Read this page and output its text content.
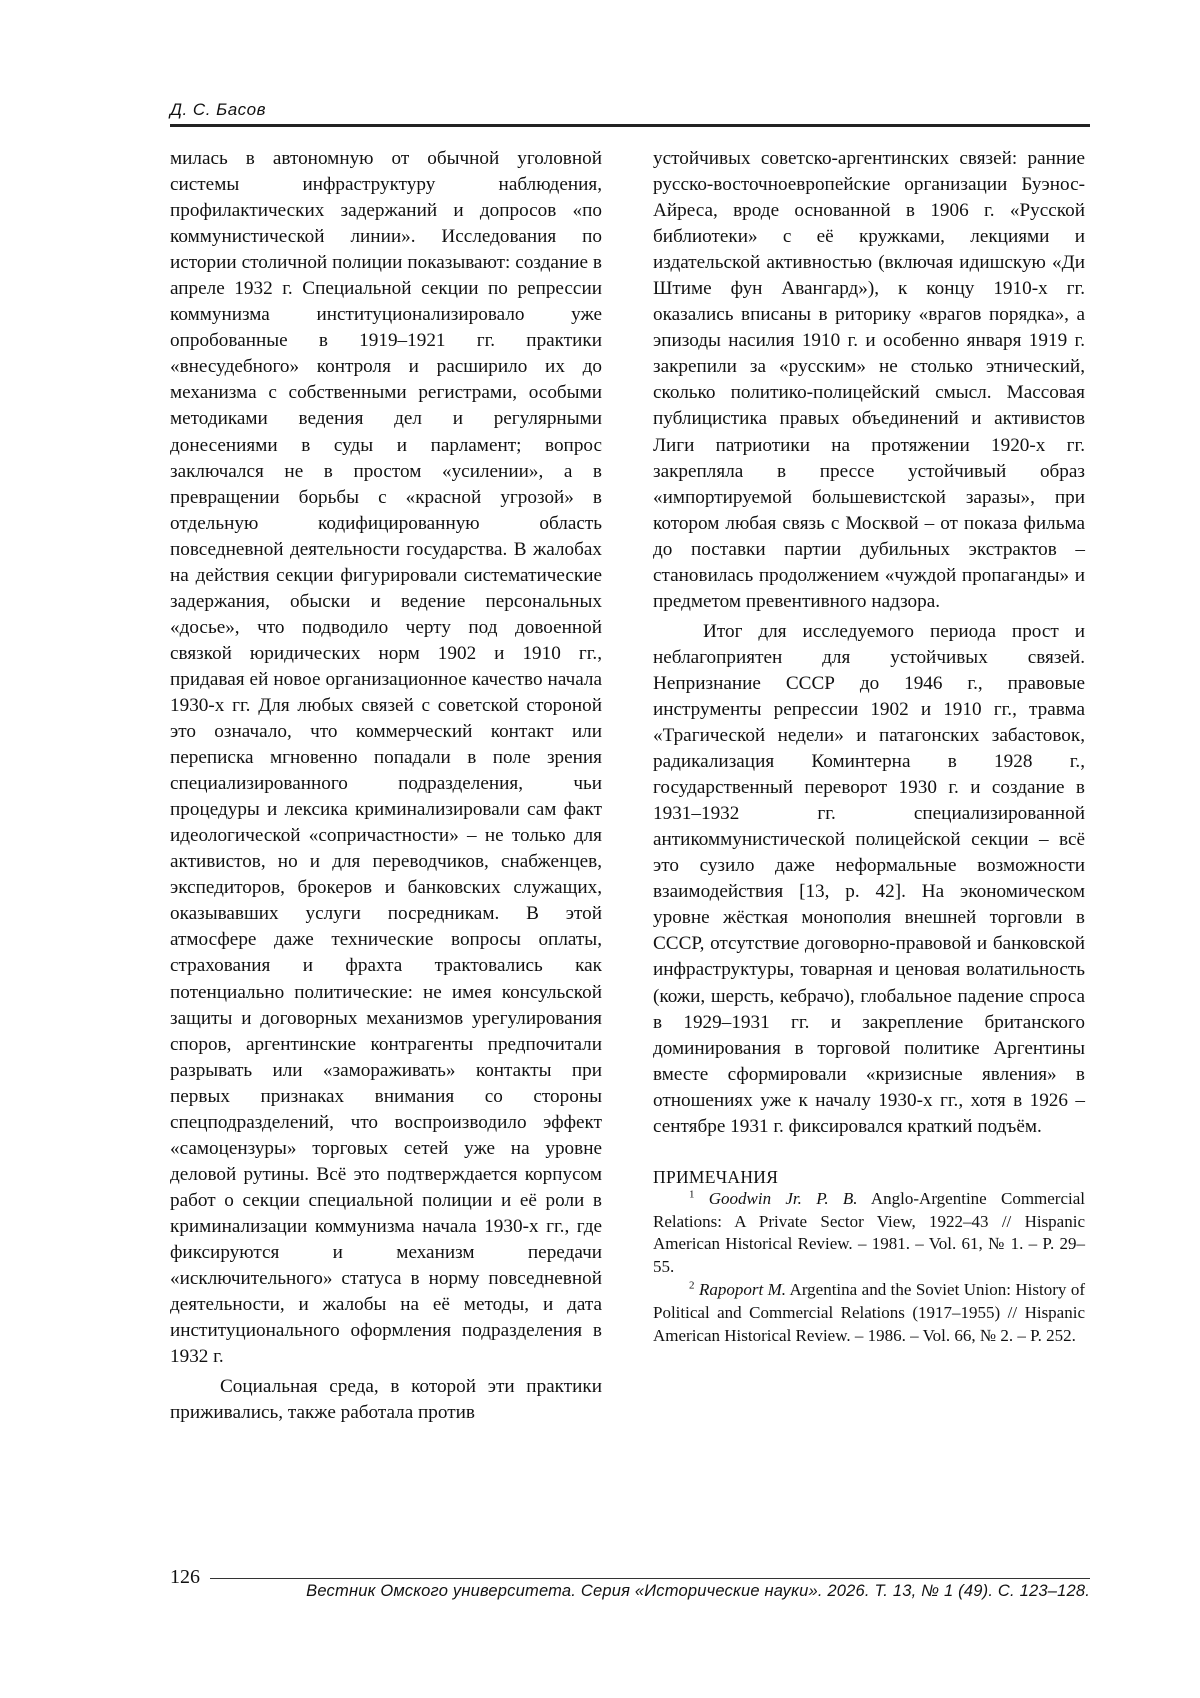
Д. С. Басов

милась в автономную от обычной уголовной системы инфраструктуру наблюдения, профилактических задержаний и допросов «по коммунистической линии». Исследования по истории столичной полиции показывают: создание в апреле 1932 г. Специальной секции по репрессии коммунизма институционализировало уже опробованные в 1919–1921 гг. практики «внесудебного» контроля и расширило их до механизма с собственными регистрами, особыми методиками ведения дел и регулярными донесениями в суды и парламент; вопрос заключался не в простом «усилении», а в превращении борьбы с «красной угрозой» в отдельную кодифицированную область повседневной деятельности государства. В жалобах на действия секции фигурировали систематические задержания, обыски и ведение персональных «досье», что подводило черту под довоенной связкой юридических норм 1902 и 1910 гг., придавая ей новое организационное качество начала 1930-х гг. Для любых связей с советской стороной это означало, что коммерческий контакт или переписка мгновенно попадали в поле зрения специализированного подразделения, чьи процедуры и лексика криминализировали сам факт идеологической «сопричастности» – не только для активистов, но и для переводчиков, снабженцев, экспедиторов, брокеров и банковских служащих, оказывавших услуги посредникам. В этой атмосфере даже технические вопросы оплаты, страхования и фрахта трактовались как потенциально политические: не имея консульской защиты и договорных механизмов урегулирования споров, аргентинские контрагенты предпочитали разрывать или «замораживать» контакты при первых признаках внимания со стороны спецподразделений, что воспроизводило эффект «самоцензуры» торговых сетей уже на уровне деловой рутины. Всё это подтверждается корпусом работ о секции специальной полиции и её роли в криминализации коммунизма начала 1930-х гг., где фиксируются и механизм передачи «исключительного» статуса в норму повседневной деятельности, и жалобы на её методы, и дата институционального оформления подразделения в 1932 г.

Социальная среда, в которой эти практики приживались, также работала против

устойчивых советско-аргентинских связей: ранние русско-восточноевропейские организации Буэнос-Айреса, вроде основанной в 1906 г. «Русской библиотеки» с её кружками, лекциями и издательской активностью (включая идишскую «Ди Штиме фун Авангард»), к концу 1910-х гг. оказались вписаны в риторику «врагов порядка», а эпизоды насилия 1910 г. и особенно января 1919 г. закрепили за «русским» не столько этнический, сколько политико-полицейский смысл. Массовая публицистика правых объединений и активистов Лиги патриотики на протяжении 1920-х гг. закрепляла в прессе устойчивый образ «импортируемой большевистской заразы», при котором любая связь с Москвой – от показа фильма до поставки партии дубильных экстрактов – становилась продолжением «чуждой пропаганды» и предметом превентивного надзора.

Итог для исследуемого периода прост и неблагоприятен для устойчивых связей. Непризнание СССР до 1946 г., правовые инструменты репрессии 1902 и 1910 гг., травма «Трагической недели» и патагонских забастовок, радикализация Коминтерна в 1928 г., государственный переворот 1930 г. и создание в 1931–1932 гг. специализированной антикоммунистической полицейской секции – всё это сузило даже неформальные возможности взаимодействия [13, p. 42]. На экономическом уровне жёсткая монополия внешней торговли в СССР, отсутствие договорно-правовой и банковской инфраструктуры, товарная и ценовая волатильность (кожи, шерсть, кебрачо), глобальное падение спроса в 1929–1931 гг. и закрепление британского доминирования в торговой политике Аргентины вместе сформировали «кризисные явления» в отношениях уже к началу 1930-х гг., хотя в 1926 – сентябре 1931 г. фиксировался краткий подъём.

ПРИМЕЧАНИЯ

$^1$ Goodwin Jr. P. B. Anglo-Argentine Commercial Relations: A Private Sector View, 1922–43 // Hispanic American Historical Review. – 1981. – Vol. 61, № 1. – P. 29–55.

$^2$ Rapoport M. Argentina and the Soviet Union: History of Political and Commercial Relations (1917–1955) // Hispanic American Historical Review. – 1986. – Vol. 66, № 2. – P. 252.

126
Вестник Омского университета. Серия «Исторические науки». 2026. Т. 13, № 1 (49). С. 123–128.
